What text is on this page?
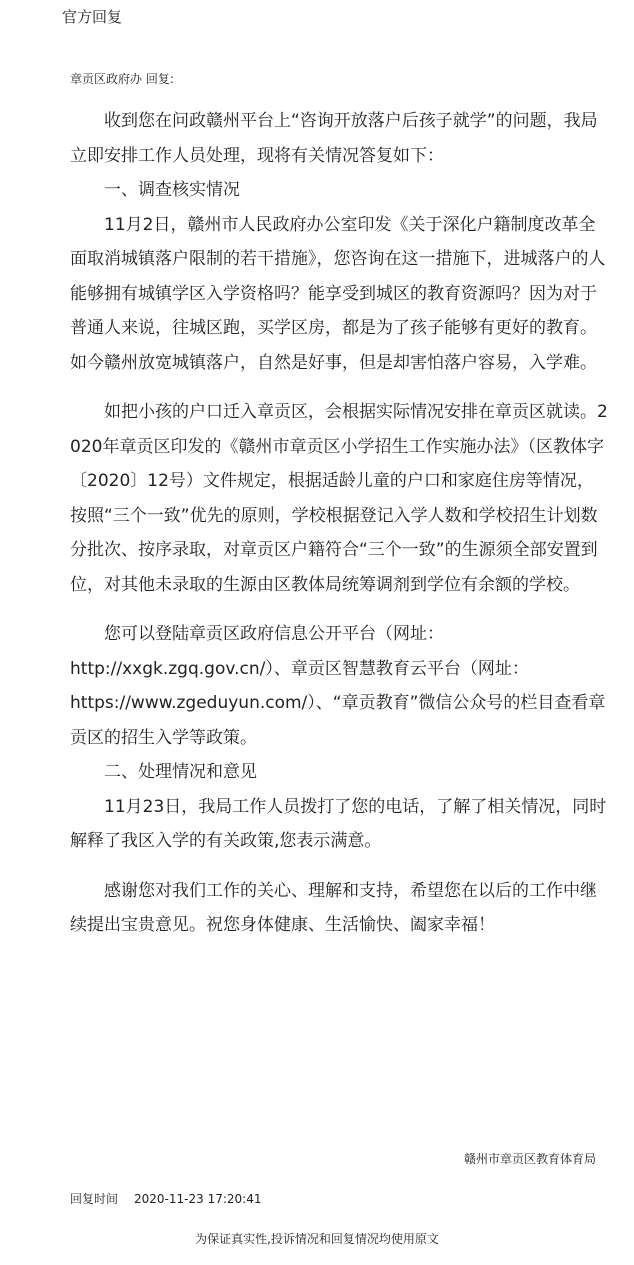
官方回复
章贡区政府办 回复:

收到您在问政赣州平台上“咨询开放落户后孩子就学”的问题，我局立即安排工作人员处理，现将有关情况答复如下：

一、调查核实情况

11月2日，赣州市人民政府办公室印发《关于深化户籍制度改革全面取消城镇落户限制的若干措施》，您咨询在这一措施下，进城落户的人能够拥有城镇学区入学资格吗？能享受到城区的教育资源吗？因为对于普通人来说，往城区跑，买学区房，都是为了孩子能够有更好的教育。如今赣州放宽城镇落户，自然是好事，但是却害怕落户容易，入学难。

如把小孩的户口迁入章贡区，会根据实际情况安排在章贡区就读。2020年章贡区印发的《赣州市章贡区小学招生工作实施办法》（区教体字〔2020〕12号）文件规定，根据适龄儿童的户口和家庭住房等情况，按照“三个一致”优先的原则，学校根据登记入学人数和学校招生计划数分批次、按序录取，对章贡区户籍符合“三个一致”的生源须全部安置到位，对其他未录取的生源由区教体局统筹调剂到学位有余额的学校。

您可以登陆章贡区政府信息公开平台（网址：

http://xxgk.zgq.gov.cn/）、章贡区智慧教育云平台（网址：

https://www.zgeduyun.com/）、“章贡教育”微信公众号的栏目查看章贡区的招生入学等政策。

二、处理情况和意见

11月23日，我局工作人员拨打了您的电话，了解了相关情况，同时解释了我区入学的有关政策,您表示满意。

感谢您对我们工作的关心、理解和支持，希望您在以后的工作中继续提出宝贵意见。祝您身体健康、生活愉快、阖家幸福！

赣州市章贡区教育体育局
回复时间 2020-11-23 17:20:41
为保证真实性,投诉情况和回复情况均使用原文
